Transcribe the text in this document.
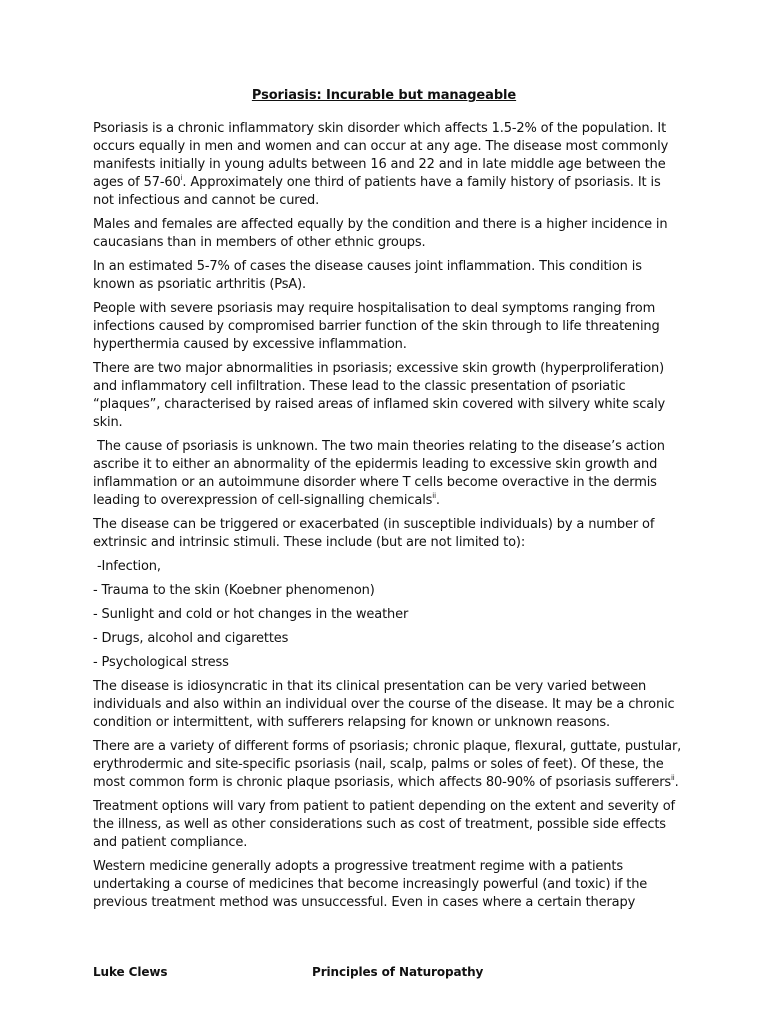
Psoriasis: Incurable but manageable

Psoriasis is a chronic inflammatory skin disorder which affects 1.5-2% of the population. It occurs equally in men and women and can occur at any age. The disease most commonly manifests initially in young adults between 16 and 22 and in late middle age between the ages of 57-60$^i$. Approximately one third of patients have a family history of psoriasis. It is not infectious and cannot be cured.

Males and females are affected equally by the condition and there is a higher incidence in caucasians than in members of other ethnic groups.

In an estimated 5-7% of cases the disease causes joint inflammation. This condition is known as psoriatic arthritis (PsA).

People with severe psoriasis may require hospitalisation to deal symptoms ranging from infections caused by compromised barrier function of the skin through to life threatening hyperthermia caused by excessive inflammation.

There are two major abnormalities in psoriasis; excessive skin growth (hyperproliferation) and inflammatory cell infiltration. These lead to the classic presentation of psoriatic “plaques”, characterised by raised areas of inflamed skin covered with silvery white scaly skin.

The cause of psoriasis is unknown. The two main theories relating to the disease’s action ascribe it to either an abnormality of the epidermis leading to excessive skin growth and inflammation or an autoimmune disorder where T cells become overactive in the dermis leading to overexpression of cell-signalling chemicals$^{ii}$.

The disease can be triggered or exacerbated (in susceptible individuals) by a number of extrinsic and intrinsic stimuli. These include (but are not limited to):

-Infection,

- Trauma to the skin (Koebner phenomenon)

- Sunlight and cold or hot changes in the weather

- Drugs, alcohol and cigarettes

- Psychological stress

The disease is idiosyncratic in that its clinical presentation can be very varied between individuals and also within an individual over the course of the disease. It may be a chronic condition or intermittent, with sufferers relapsing for known or unknown reasons.

There are a variety of different forms of psoriasis; chronic plaque, flexural, guttate, pustular, erythrodermic and site-specific psoriasis (nail, scalp, palms or soles of feet). Of these, the most common form is chronic plaque psoriasis, which affects 80-90% of psoriasis sufferers$^{ii}$.

Treatment options will vary from patient to patient depending on the extent and severity of the illness, as well as other considerations such as cost of treatment, possible side effects and patient compliance.

Western medicine generally adopts a progressive treatment regime with a patients undertaking a course of medicines that become increasingly powerful (and toxic) if the previous treatment method was unsuccessful. Even in cases where a certain therapy

Luke Clews	Principles of Naturopathy
